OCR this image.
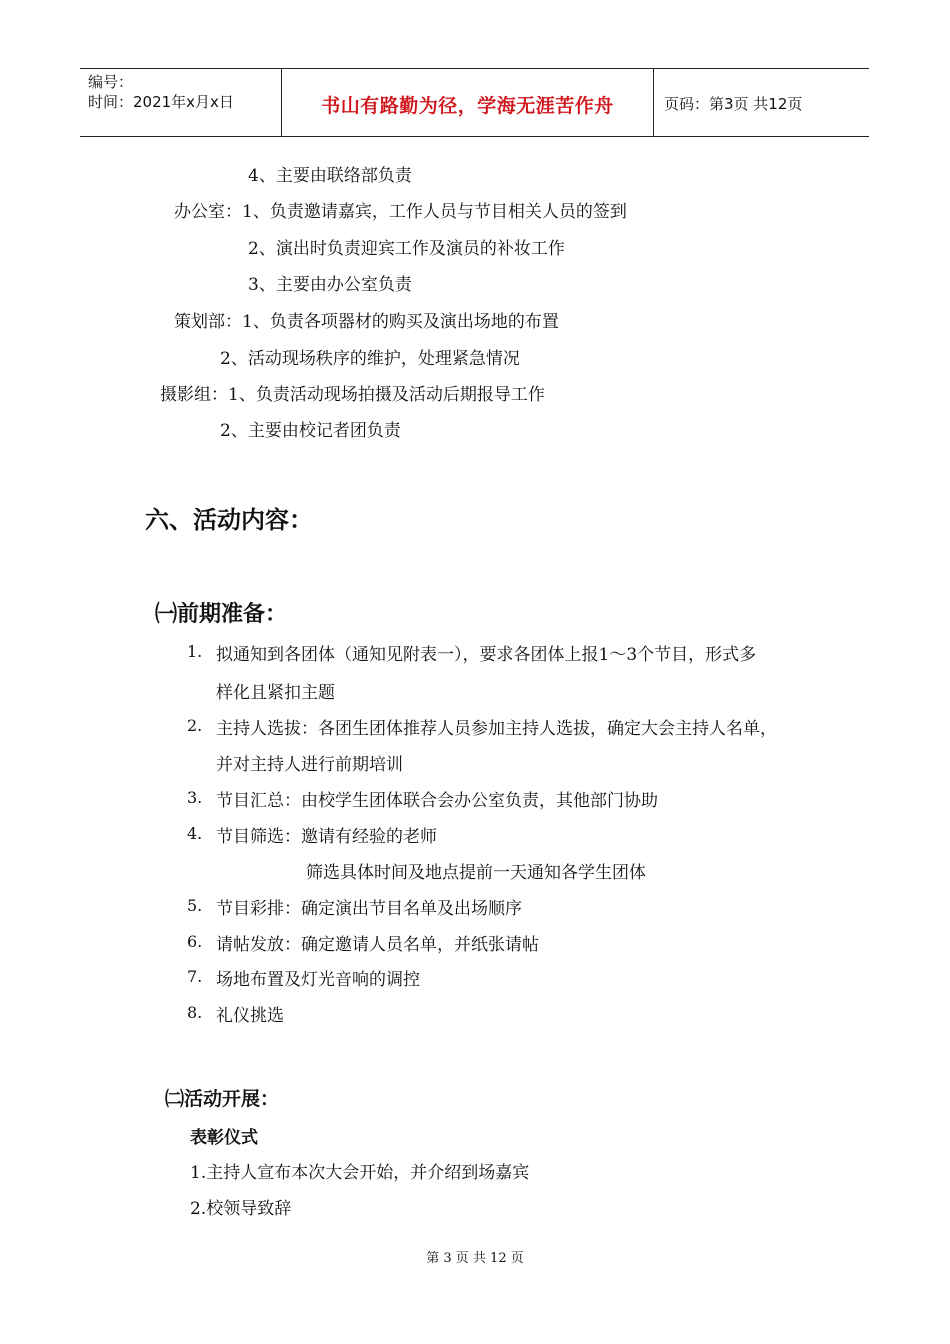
编号：
时间：2021年x月x日	书山有路勤为径，学海无涯苦作舟	页码：第3页 共12页
4、主要由联络部负责
办公室：1、负责邀请嘉宾，工作人员与节目相关人员的签到
2、演出时负责迎宾工作及演员的补妆工作
3、主要由办公室负责
策划部：1、负责各项器材的购买及演出场地的布置
2、活动现场秩序的维护，处理紧急情况
摄影组：1、负责活动现场拍摄及活动后期报导工作
2、主要由校记者团负责
六、活动内容：
㈠前期准备：
1. 拟通知到各团体（通知见附表一），要求各团体上报1～3个节目，形式多
样化且紧扣主题
2. 主持人选拔：各团生团体推荐人员参加主持人选拔，确定大会主持人名单，
并对主持人进行前期培训
3. 节目汇总：由校学生团体联合会办公室负责，其他部门协助
4. 节目筛选：邀请有经验的老师
筛选具体时间及地点提前一天通知各学生团体
5. 节目彩排：确定演出节目名单及出场顺序
6. 请帖发放：确定邀请人员名单，并纸张请帖
7. 场地布置及灯光音响的调控
8. 礼仪挑选
㈡活动开展：
表彰仪式
1.主持人宣布本次大会开始，并介绍到场嘉宾
2.校领导致辞
第 3 页 共 12 页
